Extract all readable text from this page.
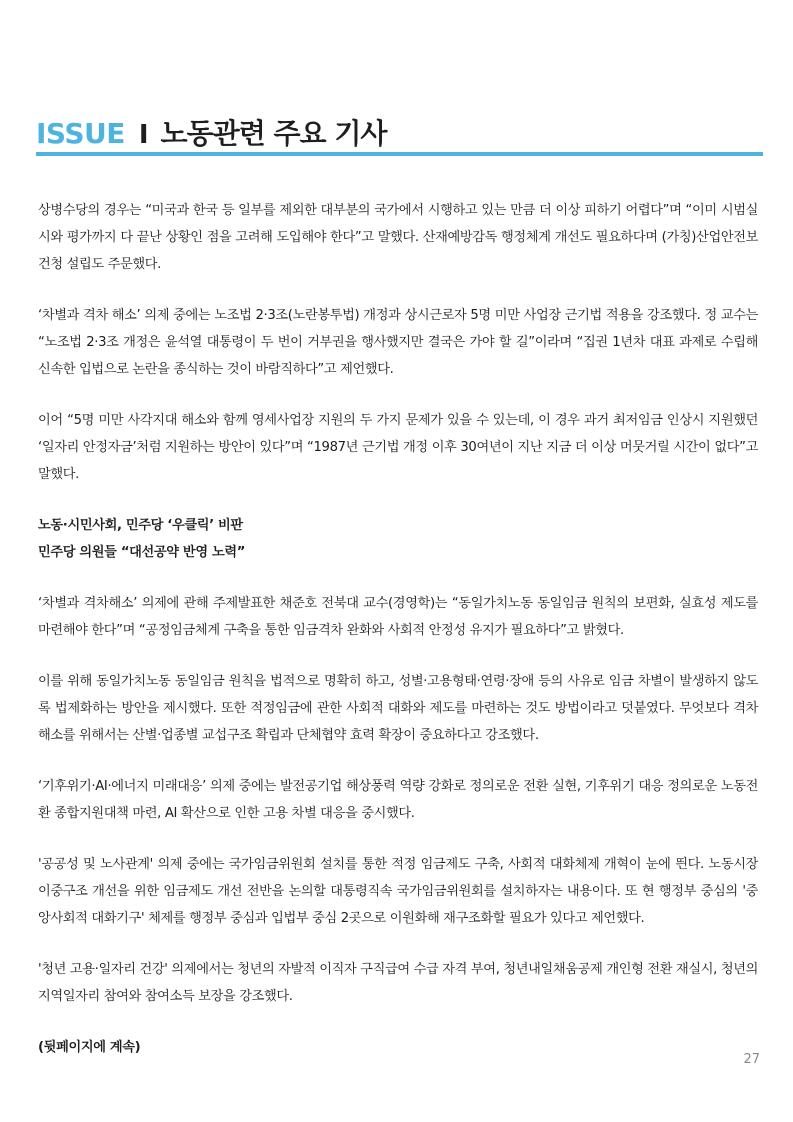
ISSUE I 노동관련 주요 기사

상병수당의 경우는 “미국과 한국 등 일부를 제외한 대부분의 국가에서 시행하고 있는 만큼 더 이상 피하기 어렵다”며 “이미 시범실시와 평가까지 다 끝난 상황인 점을 고려해 도입해야 한다”고 말했다. 산재예방감독 행정체계 개선도 필요하다며 (가칭)산업안전보건청 설립도 주문했다.

‘차별과 격차 해소’ 의제 중에는 노조법 2·3조(노란봉투법) 개정과 상시근로자 5명 미만 사업장 근기법 적용을 강조했다. 정 교수는 “노조법 2·3조 개정은 윤석열 대통령이 두 번이 거부권을 행사했지만 결국은 가야 할 길”이라며 “집권 1년차 대표 과제로 수립해 신속한 입법으로 논란을 종식하는 것이 바람직하다”고 제언했다.

이어 “5명 미만 사각지대 해소와 함께 영세사업장 지원의 두 가지 문제가 있을 수 있는데, 이 경우 과거 최저임금 인상시 지원했던 ‘일자리 안정자금’처럼 지원하는 방안이 있다”며 “1987년 근기법 개정 이후 30여년이 지난 지금 더 이상 머뭇거릴 시간이 없다”고 말했다.

노동·시민사회, 민주당 ‘우클릭’ 비판
민주당 의원들 “대선공약 반영 노력”

‘차별과 격차해소’ 의제에 관해 주제발표한 채준호 전북대 교수(경영학)는 “동일가치노동 동일임금 원칙의 보편화, 실효성 제도를 마련해야 한다”며 “공정임금체계 구축을 통한 임금격차 완화와 사회적 안정성 유지가 필요하다”고 밝혔다.

이를 위해 동일가치노동 동일임금 원칙을 법적으로 명확히 하고, 성별·고용형태·연령·장애 등의 사유로 임금 차별이 발생하지 않도록 법제화하는 방안을 제시했다. 또한 적정임금에 관한 사회적 대화와 제도를 마련하는 것도 방법이라고 덧붙였다. 무엇보다 격차해소를 위해서는 산별·업종별 교섭구조 확립과 단체협약 효력 확장이 중요하다고 강조했다.

‘기후위기·AI·에너지 미래대응’ 의제 중에는 발전공기업 해상풍력 역량 강화로 정의로운 전환 실현, 기후위기 대응 정의로운 노동전환 종합지원대책 마련, AI 확산으로 인한 고용 차별 대응을 중시했다.

'공공성 및 노사관계' 의제 중에는 국가임금위원회 설치를 통한 적정 임금제도 구축, 사회적 대화체제 개혁이 눈에 띈다. 노동시장 이중구조 개선을 위한 임금제도 개선 전반을 논의할 대통령직속 국가임금위원회를 설치하자는 내용이다. 또 현 행정부 중심의 '중앙사회적 대화기구' 체제를 행정부 중심과 입법부 중심 2곳으로 이원화해 재구조화할 필요가 있다고 제언했다.

'청년 고용·일자리 건강' 의제에서는 청년의 자발적 이직자 구직급여 수급 자격 부여, 청년내일채움공제 개인형 전환 재실시, 청년의 지역일자리 참여와 참여소득 보장을 강조했다.

(뒷페이지에 계속)

27
